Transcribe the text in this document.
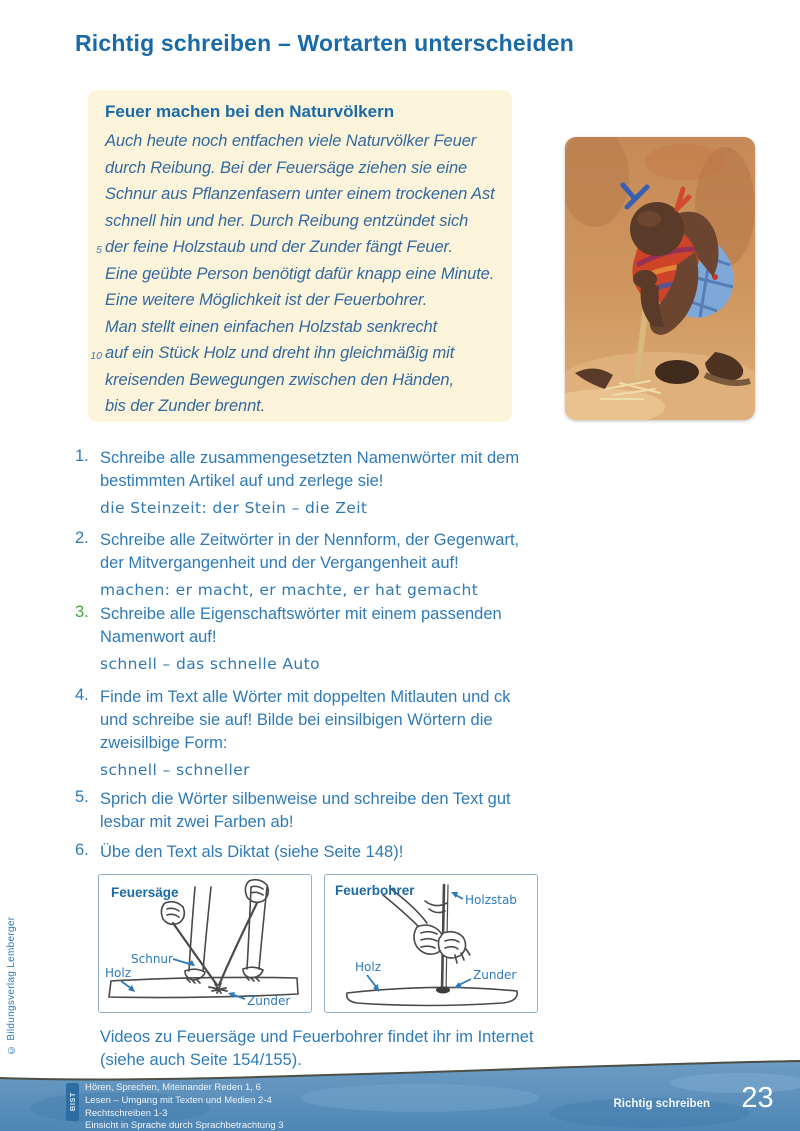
Richtig schreiben – Wortarten unterscheiden
Feuer machen bei den Naturvölkern
Auch heute noch entfachen viele Naturvölker Feuer
durch Reibung. Bei der Feuersäge ziehen sie eine
Schnur aus Pflanzenfasern unter einem trockenen Ast
schnell hin und her. Durch Reibung entzündet sich
5 der feine Holzstaub und der Zunder fängt Feuer.
Eine geübte Person benötigt dafür knapp eine Minute.
Eine weitere Möglichkeit ist der Feuerbohrer.
Man stellt einen einfachen Holzstab senkrecht
10 auf ein Stück Holz und dreht ihn gleichmäßig mit
kreisenden Bewegungen zwischen den Händen,
bis der Zunder brennt.
1. Schreibe alle zusammengesetzten Namenwörter mit dem bestimmten Artikel auf und zerlege sie!
die Steinzeit: der Stein – die Zeit
2. Schreibe alle Zeitwörter in der Nennform, der Gegenwart, der Mitvergangenheit und der Vergangenheit auf!
machen: er macht, er machte, er hat gemacht
3. Schreibe alle Eigenschaftswörter mit einem passenden Namenwort auf!
schnell – das schnelle Auto
4. Finde im Text alle Wörter mit doppelten Mitlauten und ck und schreibe sie auf! Bilde bei einsilbigen Wörtern die zweisilbige Form:
schnell – schneller
5. Sprich die Wörter silbenweise und schreibe den Text gut lesbar mit zwei Farben ab!
6. Übe den Text als Diktat (siehe Seite 148)!
Feuersäge
Schnur
Holz
Zunder
Feuerbohrer
Holzstab
Holz
Zunder
Videos zu Feuersäge und Feuerbohrer findet ihr im Internet
(siehe auch Seite 154/155).
© Bildungsverlag Lemberger
BIST
Hören, Sprechen, Miteinander Reden 1, 6
Lesen – Umgang mit Texten und Medien 2-4
Rechtschreiben 1-3
Einsicht in Sprache durch Sprachbetrachtung 3
Richtig schreiben	23
